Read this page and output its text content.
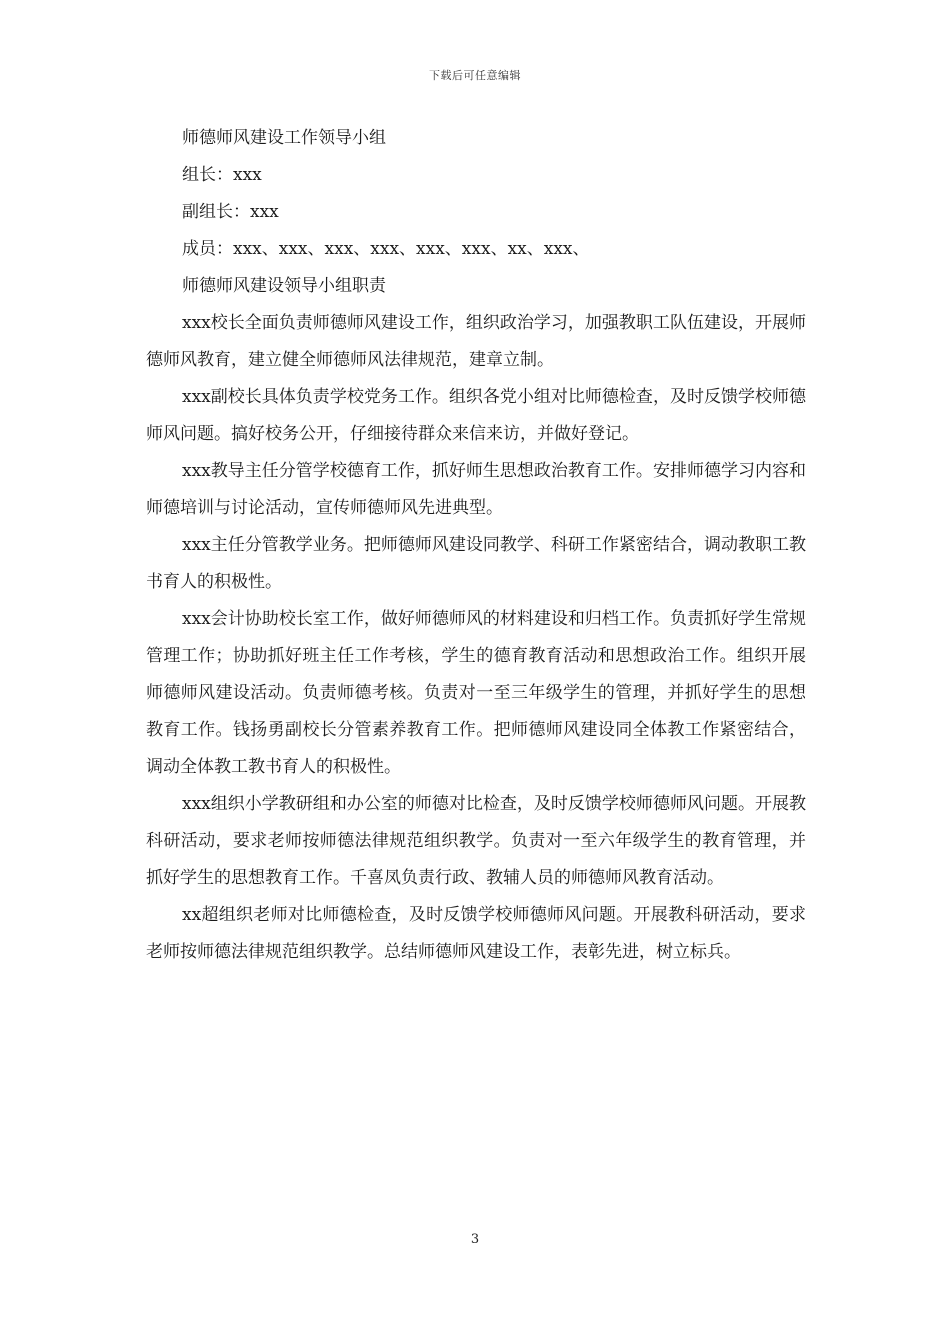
下载后可任意编辑
师德师风建设工作领导小组
组长：xxx
副组长：xxx
成员：xxx、xxx、xxx、xxx、xxx、xxx、xx、xxx、
师德师风建设领导小组职责

xxx校长全面负责师德师风建设工作，组织政治学习，加强教职工队伍建设，开展师德师风教育，建立健全师德师风法律规范，建章立制。

xxx副校长具体负责学校党务工作。组织各党小组对比师德检查，及时反馈学校师德师风问题。搞好校务公开，仔细接待群众来信来访，并做好登记。

xxx教导主任分管学校德育工作，抓好师生思想政治教育工作。安排师德学习内容和师德培训与讨论活动，宣传师德师风先进典型。

xxx主任分管教学业务。把师德师风建设同教学、科研工作紧密结合，调动教职工教书育人的积极性。

xxx会计协助校长室工作，做好师德师风的材料建设和归档工作。负责抓好学生常规管理工作；协助抓好班主任工作考核，学生的德育教育活动和思想政治工作。组织开展师德师风建设活动。负责师德考核。负责对一至三年级学生的管理，并抓好学生的思想教育工作。钱扬勇副校长分管素养教育工作。把师德师风建设同全体教工作紧密结合，调动全体教工教书育人的积极性。

xxx组织小学教研组和办公室的师德对比检查，及时反馈学校师德师风问题。开展教科研活动，要求老师按师德法律规范组织教学。负责对一至六年级学生的教育管理，并抓好学生的思想教育工作。千喜凤负责行政、教辅人员的师德师风教育活动。

xx超组织老师对比师德检查，及时反馈学校师德师风问题。开展教科研活动，要求老师按师德法律规范组织教学。总结师德师风建设工作，表彰先进，树立标兵。

3
